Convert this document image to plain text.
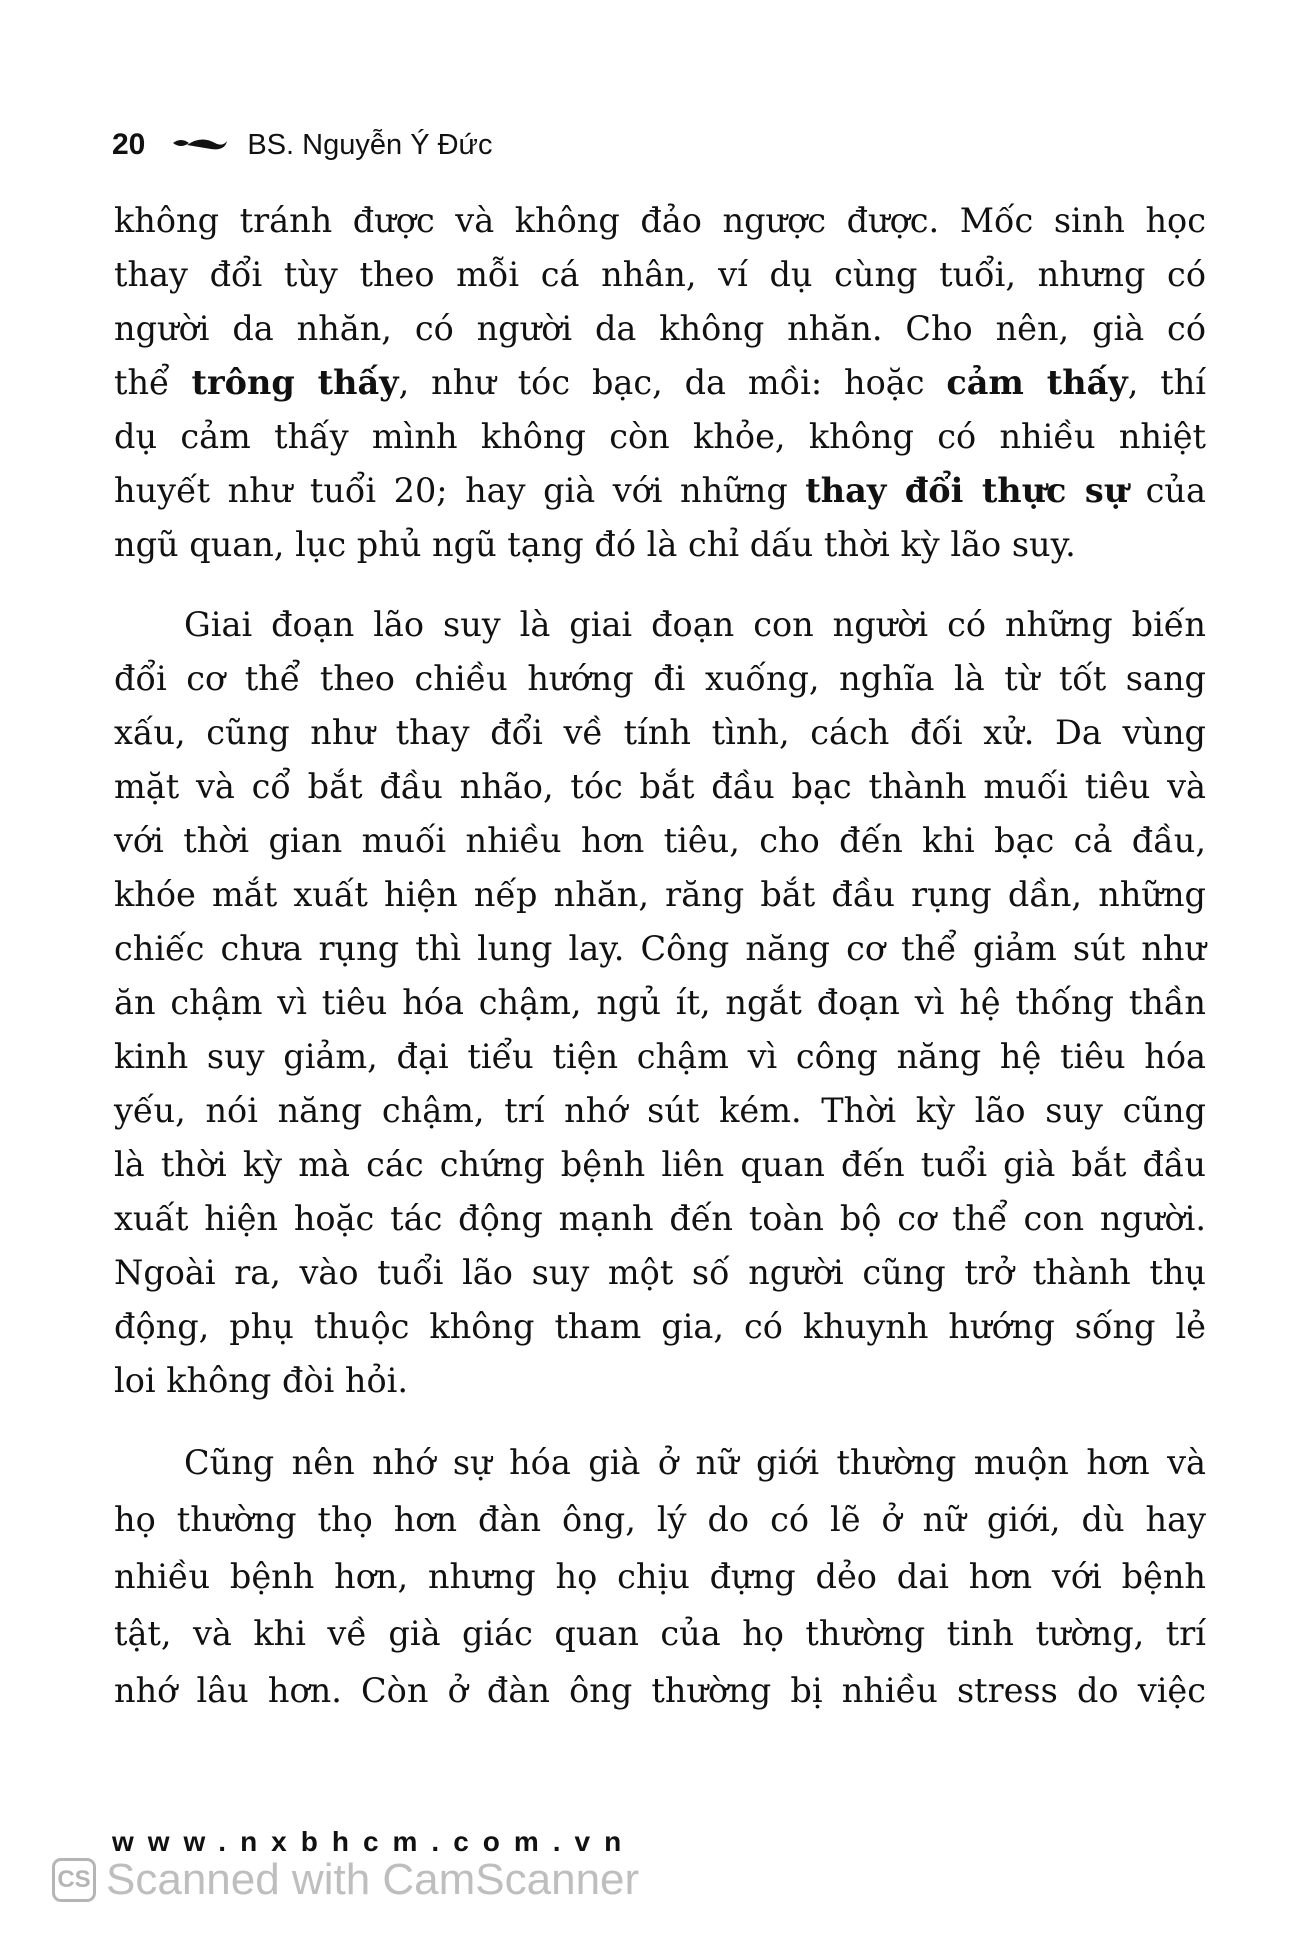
20	BS. Nguyễn Ý Đức
không tránh được và không đảo ngược được. Mốc sinh học
thay đổi tùy theo mỗi cá nhân, ví dụ cùng tuổi, nhưng có
người da nhăn, có người da không nhăn. Cho nên, già có
thể trông thấy, như tóc bạc, da mồi: hoặc cảm thấy, thí
dụ cảm thấy mình không còn khỏe, không có nhiều nhiệt
huyết như tuổi 20; hay già với những thay đổi thực sự của
ngũ quan, lục phủ ngũ tạng đó là chỉ dấu thời kỳ lão suy.
Giai đoạn lão suy là giai đoạn con người có những biến
đổi cơ thể theo chiều hướng đi xuống, nghĩa là từ tốt sang
xấu, cũng như thay đổi về tính tình, cách đối xử. Da vùng
mặt và cổ bắt đầu nhão, tóc bắt đầu bạc thành muối tiêu và
với thời gian muối nhiều hơn tiêu, cho đến khi bạc cả đầu,
khóe mắt xuất hiện nếp nhăn, răng bắt đầu rụng dần, những
chiếc chưa rụng thì lung lay. Công năng cơ thể giảm sút như
ăn chậm vì tiêu hóa chậm, ngủ ít, ngắt đoạn vì hệ thống thần
kinh suy giảm, đại tiểu tiện chậm vì công năng hệ tiêu hóa
yếu, nói năng chậm, trí nhớ sút kém. Thời kỳ lão suy cũng
là thời kỳ mà các chứng bệnh liên quan đến tuổi già bắt đầu
xuất hiện hoặc tác động mạnh đến toàn bộ cơ thể con người.
Ngoài ra, vào tuổi lão suy một số người cũng trở thành thụ
động, phụ thuộc không tham gia, có khuynh hướng sống lẻ
loi không đòi hỏi.
Cũng nên nhớ sự hóa già ở nữ giới thường muộn hơn và
họ thường thọ hơn đàn ông, lý do có lẽ ở nữ giới, dù hay
nhiều bệnh hơn, nhưng họ chịu đựng dẻo dai hơn với bệnh
tật, và khi về già giác quan của họ thường tinh tường, trí
nhớ lâu hơn. Còn ở đàn ông thường bị nhiều stress do việc
www.nxbhcm.com.vn
CS Scanned with CamScanner
